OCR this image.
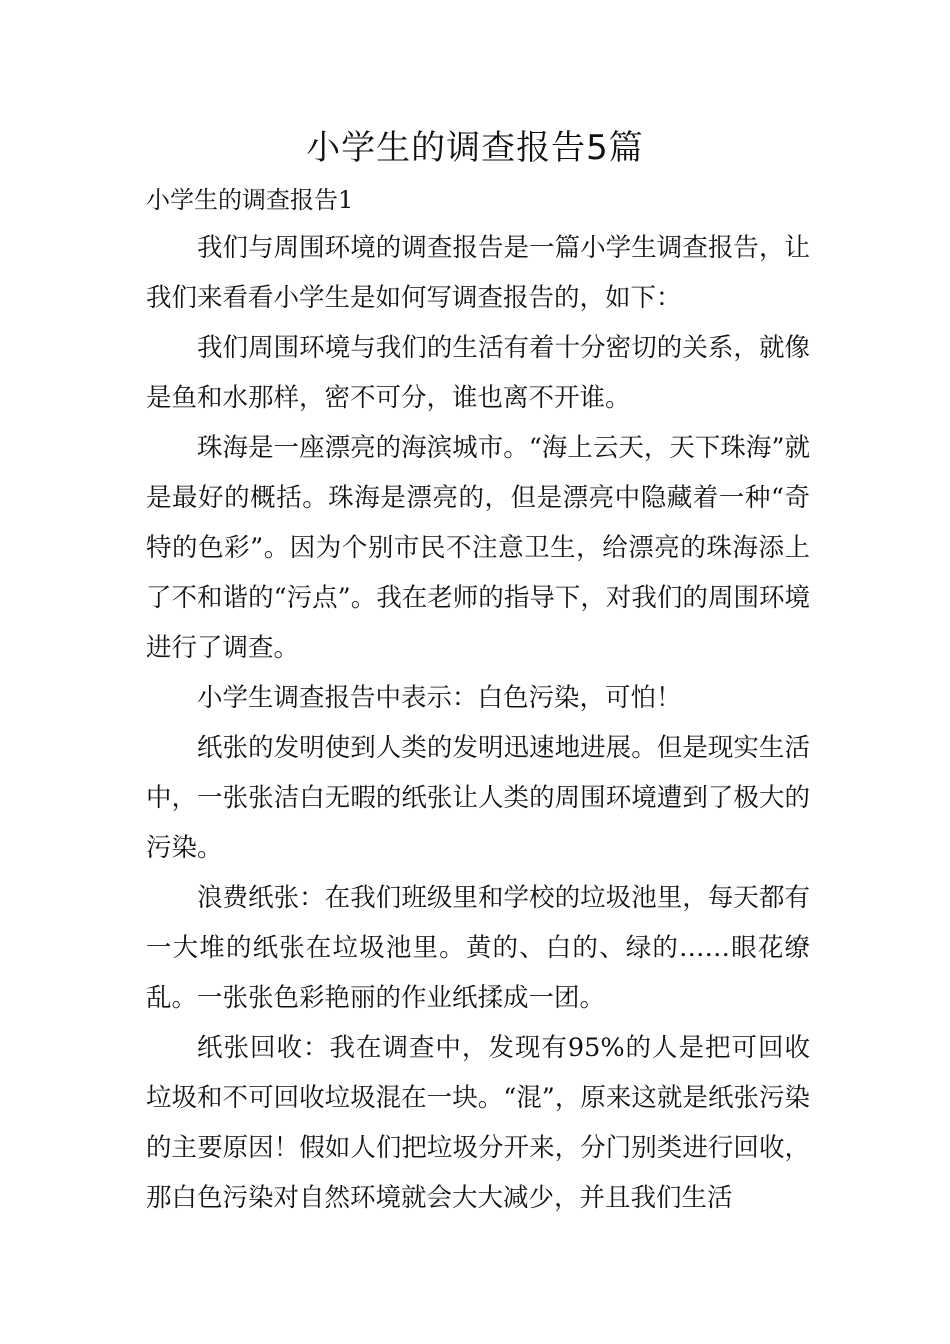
小学生的调查报告5篇

小学生的调查报告1

我们与周围环境的调查报告是一篇小学生调查报告，让我们来看看小学生是如何写调查报告的，如下：

我们周围环境与我们的生活有着十分密切的关系，就像是鱼和水那样，密不可分，谁也离不开谁。

珠海是一座漂亮的海滨城市。“海上云天，天下珠海”就是最好的概括。珠海是漂亮的，但是漂亮中隐藏着一种“奇特的色彩”。因为个别市民不注意卫生，给漂亮的珠海添上了不和谐的“污点”。我在老师的指导下，对我们的周围环境进行了调查。

小学生调查报告中表示：白色污染，可怕！

纸张的发明使到人类的发明迅速地进展。但是现实生活中，一张张洁白无暇的纸张让人类的周围环境遭到了极大的污染。

浪费纸张：在我们班级里和学校的垃圾池里，每天都有一大堆的纸张在垃圾池里。黄的、白的、绿的……眼花缭乱。一张张色彩艳丽的作业纸揉成一团。

纸张回收：我在调查中，发现有95%的人是把可回收垃圾和不可回收垃圾混在一块。“混”，原来这就是纸张污染的主要原因！假如人们把垃圾分开来，分门别类进行回收，那白色污染对自然环境就会大大减少，并且我们生活
